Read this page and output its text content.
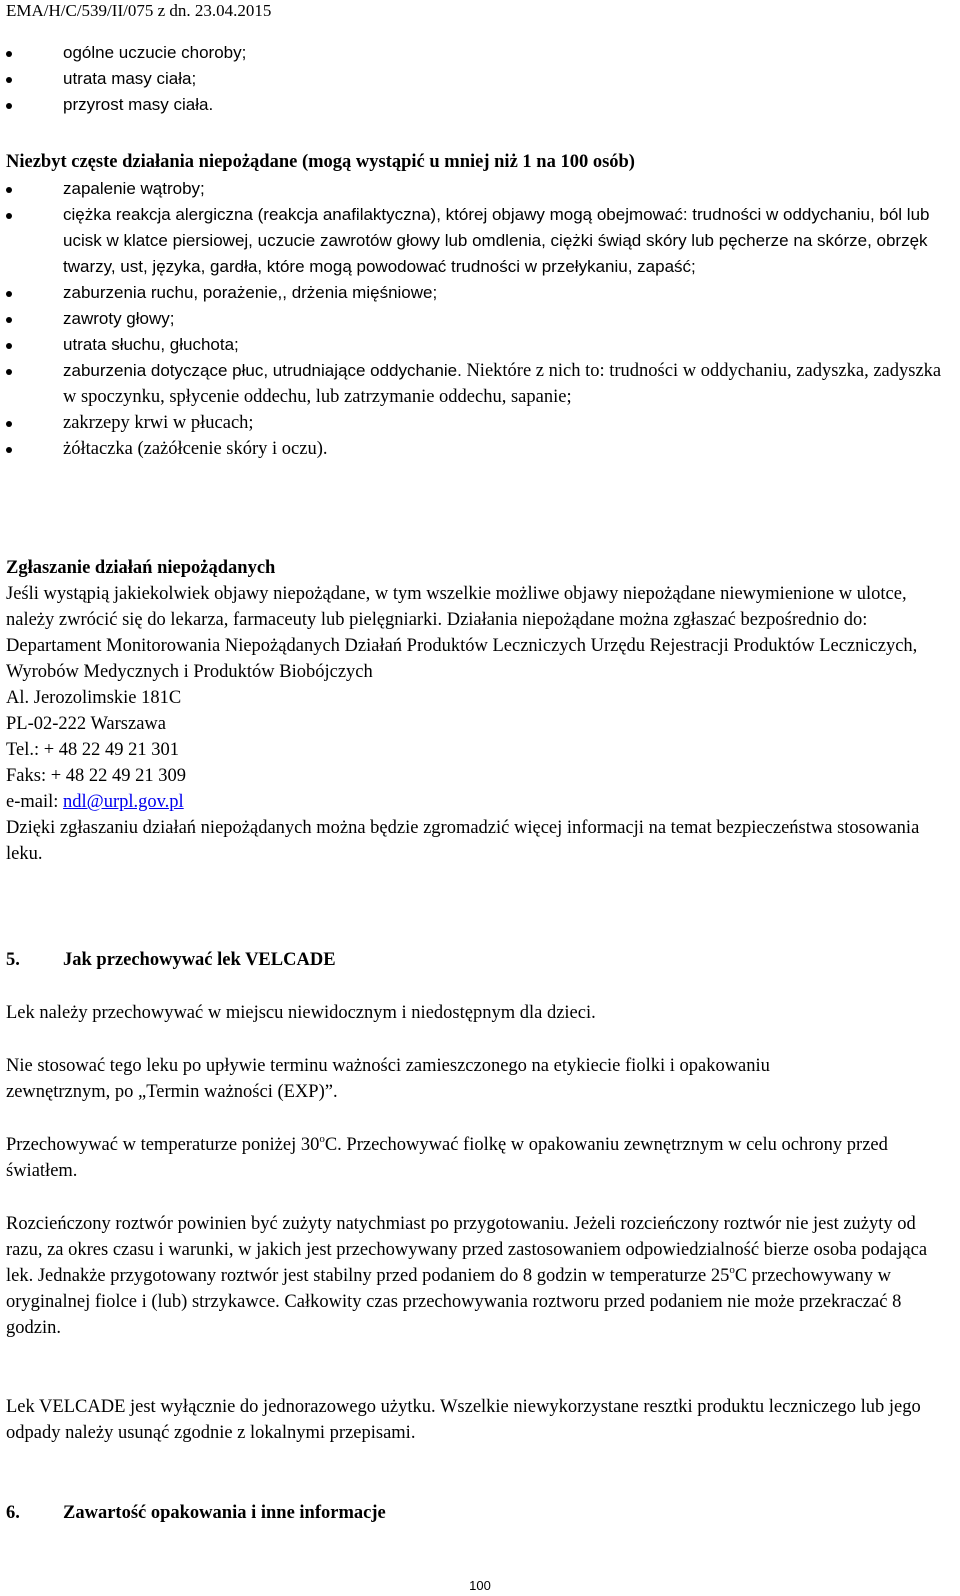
EMA/H/C/539/II/075 z dn. 23.04.2015
ogólne uczucie choroby;
utrata masy ciała;
przyrost masy ciała.
Niezbyt częste działania niepożądane (mogą wystąpić u mniej niż 1 na 100 osób)
zapalenie wątroby;
ciężka reakcja alergiczna (reakcja anafilaktyczna), której objawy mogą obejmować: trudności w oddychaniu, ból lub ucisk w klatce piersiowej, uczucie zawrotów głowy lub omdlenia, ciężki świąd skóry lub pęcherze na skórze, obrzęk twarzy, ust, języka, gardła, które mogą powodować trudności w przełykaniu, zapaść;
zaburzenia ruchu, porażenie,, drżenia mięśniowe;
zawroty głowy;
utrata słuchu, głuchota;
zaburzenia dotyczące płuc, utrudniające oddychanie. Niektóre z nich to: trudności w oddychaniu, zadyszka, zadyszka w spoczynku, spłycenie oddechu, lub zatrzymanie oddechu, sapanie;
zakrzepy krwi w płucach;
żółtaczka (zażółcenie skóry i oczu).
Zgłaszanie działań niepożądanych
Jeśli wystąpią jakiekolwiek objawy niepożądane, w tym wszelkie możliwe objawy niepożądane niewymienione w ulotce, należy zwrócić się do lekarza, farmaceuty lub pielęgniarki. Działania niepożądane można zgłaszać bezpośrednio do:
Departament Monitorowania Niepożądanych Działań Produktów Leczniczych Urzędu Rejestracji Produktów Leczniczych, Wyrobów Medycznych i Produktów Biobójczych
Al. Jerozolimskie 181C
PL-02-222 Warszawa
Tel.: + 48 22 49 21 301
Faks: + 48 22 49 21 309
e-mail: ndl@urpl.gov.pl
Dzięki zgłaszaniu działań niepożądanych można będzie zgromadzić więcej informacji na temat bezpieczeństwa stosowania leku.
5. Jak przechowywać lek VELCADE
Lek należy przechowywać w miejscu niewidocznym i niedostępnym dla dzieci.
Nie stosować tego leku po upływie terminu ważności zamieszczonego na etykiecie fiolki i opakowaniu zewnętrznym, po „Termin ważności (EXP)”.
Przechowywać w temperaturze poniżej 30$^o$C. Przechowywać fiolkę w opakowaniu zewnętrznym w celu ochrony przed światłem.
Rozcieńczony roztwór powinien być zużyty natychmiast po przygotowaniu. Jeżeli rozcieńczony roztwór nie jest zużyty od razu, za okres czasu i warunki, w jakich jest przechowywany przed zastosowaniem odpowiedzialność bierze osoba podająca lek. Jednakże przygotowany roztwór jest stabilny przed podaniem do 8 godzin w temperaturze 25$^o$C przechowywany w oryginalnej fiolce i (lub) strzykawce. Całkowity czas przechowywania roztworu przed podaniem nie może przekraczać 8 godzin.
Lek VELCADE jest wyłącznie do jednorazowego użytku. Wszelkie niewykorzystane resztki produktu leczniczego lub jego odpady należy usunąć zgodnie z lokalnymi przepisami.
6. Zawartość opakowania i inne informacje
100
